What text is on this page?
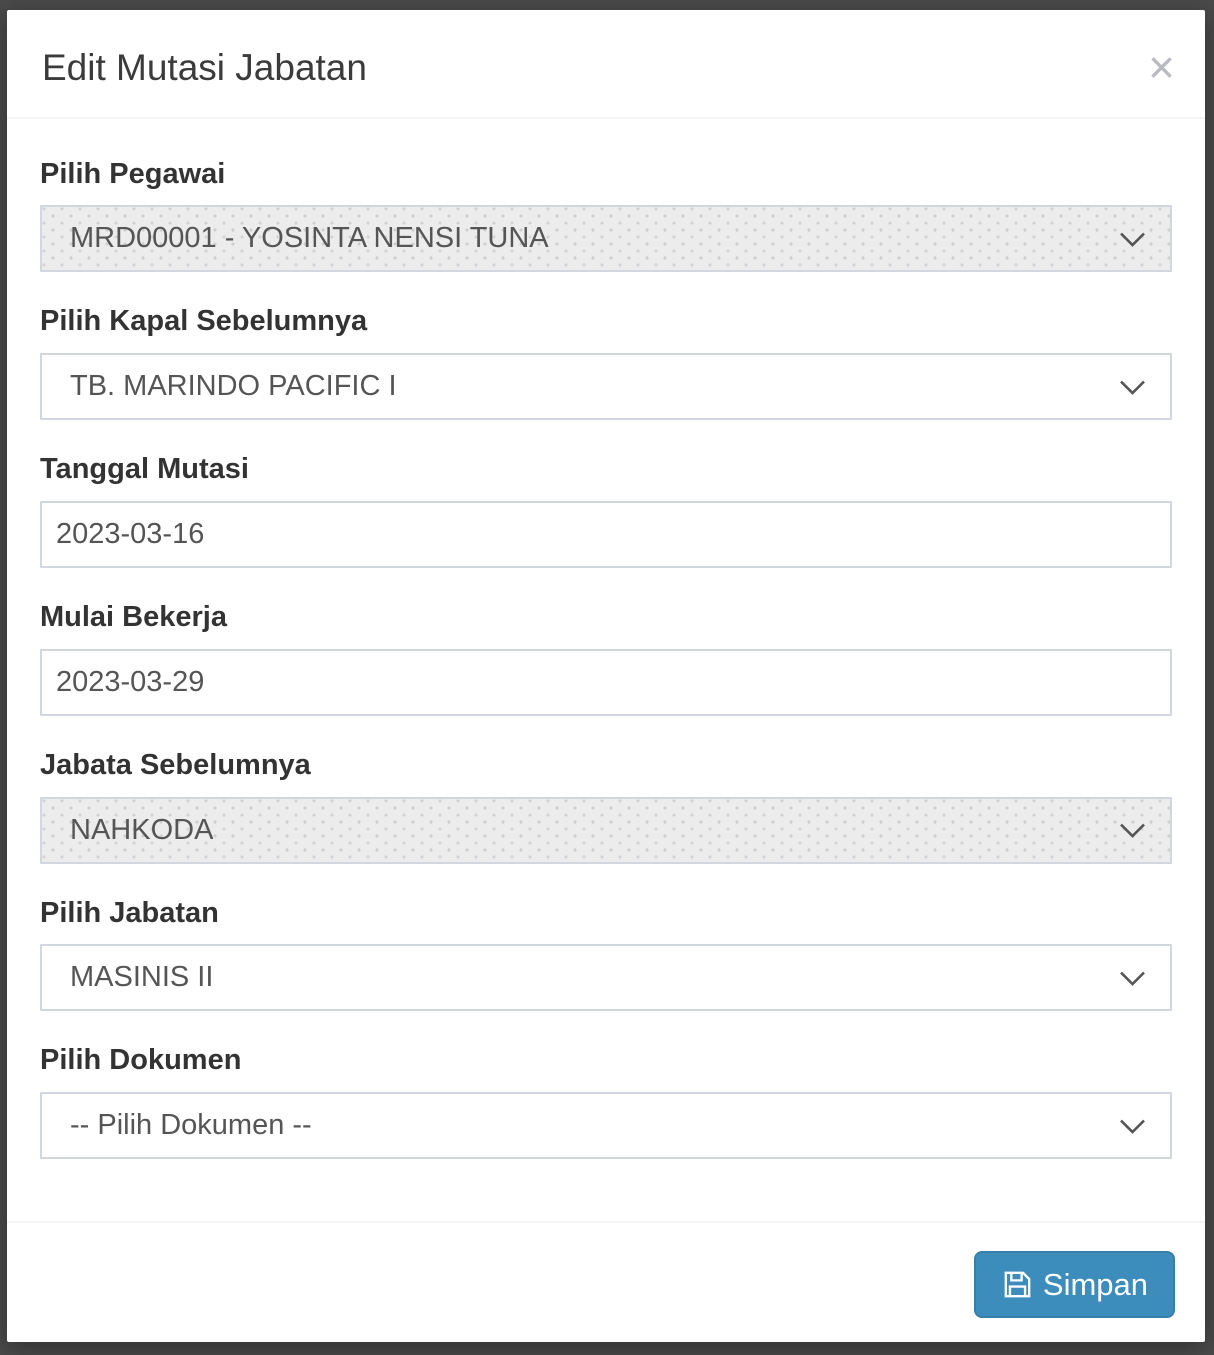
Edit Mutasi Jabatan	×
Pilih Pegawai
MRD00001 - YOSINTA NENSI TUNA
Pilih Kapal Sebelumnya
TB. MARINDO PACIFIC I
Tanggal Mutasi
2023-03-16
Mulai Bekerja
2023-03-29
Jabata Sebelumnya
NAHKODA
Pilih Jabatan
MASINIS II
Pilih Dokumen
-- Pilih Dokumen --
Simpan
